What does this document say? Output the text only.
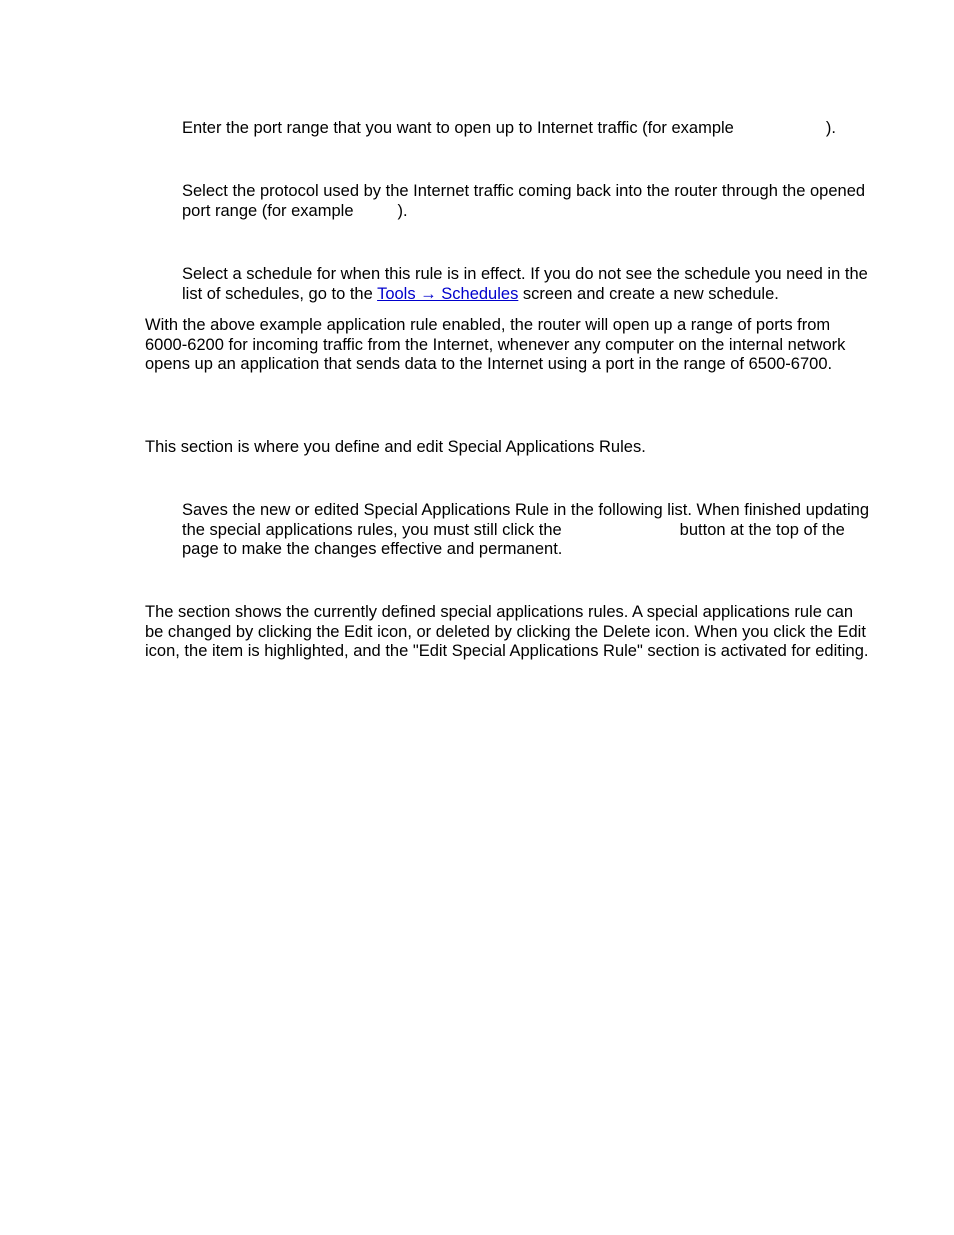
Enter the port range that you want to open up to Internet traffic (for example	).

Select the protocol used by the Internet traffic coming back into the router through the opened port range (for example	).

Select a schedule for when this rule is in effect. If you do not see the schedule you need in the list of schedules, go to the Tools → Schedules screen and create a new schedule.

With the above example application rule enabled, the router will open up a range of ports from 6000-6200 for incoming traffic from the Internet, whenever any computer on the internal network opens up an application that sends data to the Internet using a port in the range of 6500-6700.

This section is where you define and edit Special Applications Rules.

Saves the new or edited Special Applications Rule in the following list. When finished updating the special applications rules, you must still click the	button at the top of the page to make the changes effective and permanent.

The section shows the currently defined special applications rules. A special applications rule can be changed by clicking the Edit icon, or deleted by clicking the Delete icon. When you click the Edit icon, the item is highlighted, and the "Edit Special Applications Rule" section is activated for editing.
